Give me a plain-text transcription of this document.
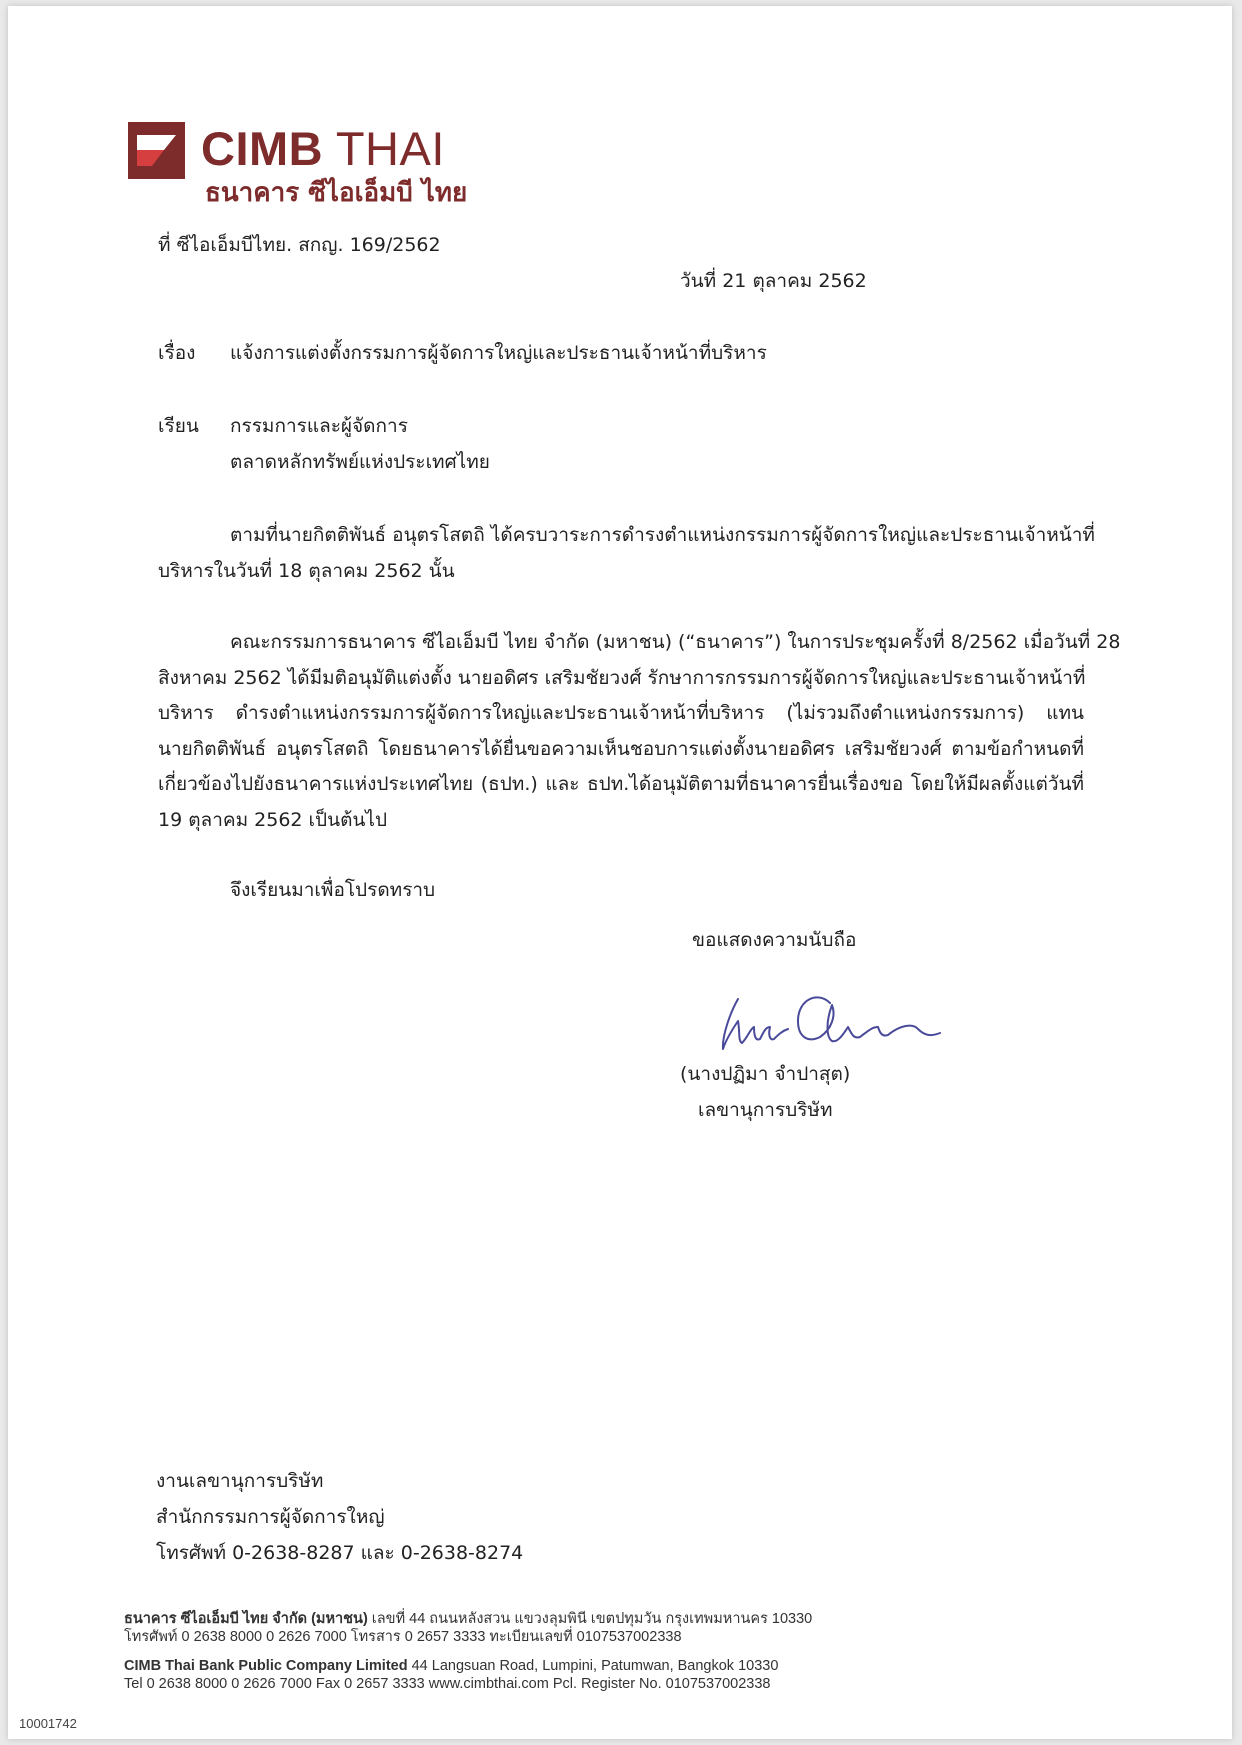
CIMB THAI
ธนาคาร ซีไอเอ็มบี ไทย
ที่ ซีไอเอ็มบีไทย. สกญ. 169/2562
วันที่ 21 ตุลาคม 2562
เรื่อง แจ้งการแต่งตั้งกรรมการผู้จัดการใหญ่และประธานเจ้าหน้าที่บริหาร
เรียน กรรมการและผู้จัดการ
ตลาดหลักทรัพย์แห่งประเทศไทย
ตามที่นายกิตติพันธ์ อนุตรโสตถิ ได้ครบวาระการดำรงตำแหน่งกรรมการผู้จัดการใหญ่และประธานเจ้าหน้าที่
บริหารในวันที่ 18 ตุลาคม 2562 นั้น
คณะกรรมการธนาคาร ซีไอเอ็มบี ไทย จำกัด (มหาชน) (“ธนาคาร”) ในการประชุมครั้งที่ 8/2562 เมื่อวันที่ 28
สิงหาคม 2562 ได้มีมติอนุมัติแต่งตั้ง นายอดิศร เสริมชัยวงศ์ รักษาการกรรมการผู้จัดการใหญ่และประธานเจ้าหน้าที่
บริหาร ดำรงตำแหน่งกรรมการผู้จัดการใหญ่และประธานเจ้าหน้าที่บริหาร (ไม่รวมถึงตำแหน่งกรรมการ) แทน
นายกิตติพันธ์ อนุตรโสตถิ โดยธนาคารได้ยื่นขอความเห็นชอบการแต่งตั้งนายอดิศร เสริมชัยวงศ์ ตามข้อกำหนดที่
เกี่ยวข้องไปยังธนาคารแห่งประเทศไทย (ธปท.) และ ธปท.ได้อนุมัติตามที่ธนาคารยื่นเรื่องขอ โดยให้มีผลตั้งแต่วันที่
19 ตุลาคม 2562 เป็นต้นไป
จึงเรียนมาเพื่อโปรดทราบ
ขอแสดงความนับถือ
(นางปฏิมา จำปาสุต)
เลขานุการบริษัท
งานเลขานุการบริษัท
สำนักกรรมการผู้จัดการใหญ่
โทรศัพท์ 0-2638-8287 และ 0-2638-8274
ธนาคาร ซีไอเอ็มบี ไทย จำกัด (มหาชน) เลขที่ 44 ถนนหลังสวน แขวงลุมพินี เขตปทุมวัน กรุงเทพมหานคร 10330
โทรศัพท์ 0 2638 8000 0 2626 7000 โทรสาร 0 2657 3333 ทะเบียนเลขที่ 0107537002338
CIMB Thai Bank Public Company Limited 44 Langsuan Road, Lumpini, Patumwan, Bangkok 10330
Tel 0 2638 8000 0 2626 7000 Fax 0 2657 3333 www.cimbthai.com Pcl. Register No. 0107537002338
10001742
